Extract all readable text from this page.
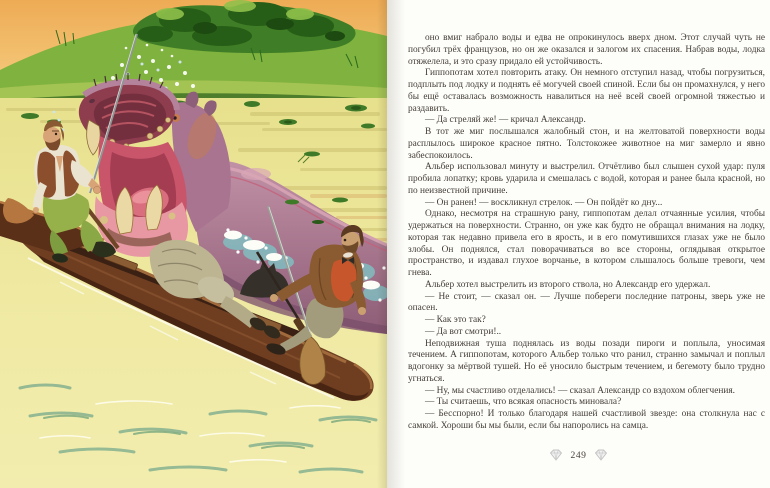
оно вмиг набрало воды и едва не опрокинулось вверх дном. Этот случай чуть не погубил трёх французов, но он же оказался и залогом их спасения. Набрав воды, лодка отяжелела, и это сразу придало ей устойчивость.

Гиппопотам хотел повторить атаку. Он немного отступил назад, чтобы погрузиться, подплыть под лодку и поднять её могучей своей спиной. Если бы он промахнулся, у него бы ещё оставалась возможность навалиться на неё всей своей огромной тяжестью и раздавить.

— Да стреляй же! — кричал Александр.

В тот же миг послышался жалобный стон, и на желтоватой поверхности воды расплылось широкое красное пятно. Толстокожее животное на миг замерло и явно забеспокоилось.

Альбер использовал минуту и выстрелил. Отчётливо был слышен сухой удар: пуля пробила лопатку; кровь ударила и смешалась с водой, которая и ранее была красной, но по неизвестной причине.

— Он ранен! — воскликнул стрелок. — Он пойдёт ко дну...

Однако, несмотря на страшную рану, гиппопотам делал отчаянные усилия, чтобы удержаться на поверхности. Странно, он уже как будто не обращал внимания на лодку, которая так недавно привела его в ярость, и в его помутившихся глазах уже не было злобы. Он поднялся, стал поворачиваться во все стороны, оглядывая открытое пространство, и издавал глухое ворчанье, в котором слышалось больше тревоги, чем гнева.

Альбер хотел выстрелить из второго ствола, но Александр его удержал.

— Не стоит, — сказал он. — Лучше побереги последние патроны, зверь уже не опасен.

— Как это так?

— Да вот смотри!..

Неподвижная туша поднялась из воды позади пироги и поплыла, уносимая течением. А гиппопотам, которого Альбер только что ранил, странно замычал и поплыл вдогонку за мёртвой тушей. Но её уносило быстрым течением, и бегемоту было трудно угнаться.

— Ну, мы счастливо отделались! — сказал Александр со вздохом облегчения.

— Ты считаешь, что всякая опасность миновала?

— Бесспорно! И только благодаря нашей счастливой звезде: она столкнула нас с самкой. Хороши бы мы были, если бы напоролись на самца.

249
